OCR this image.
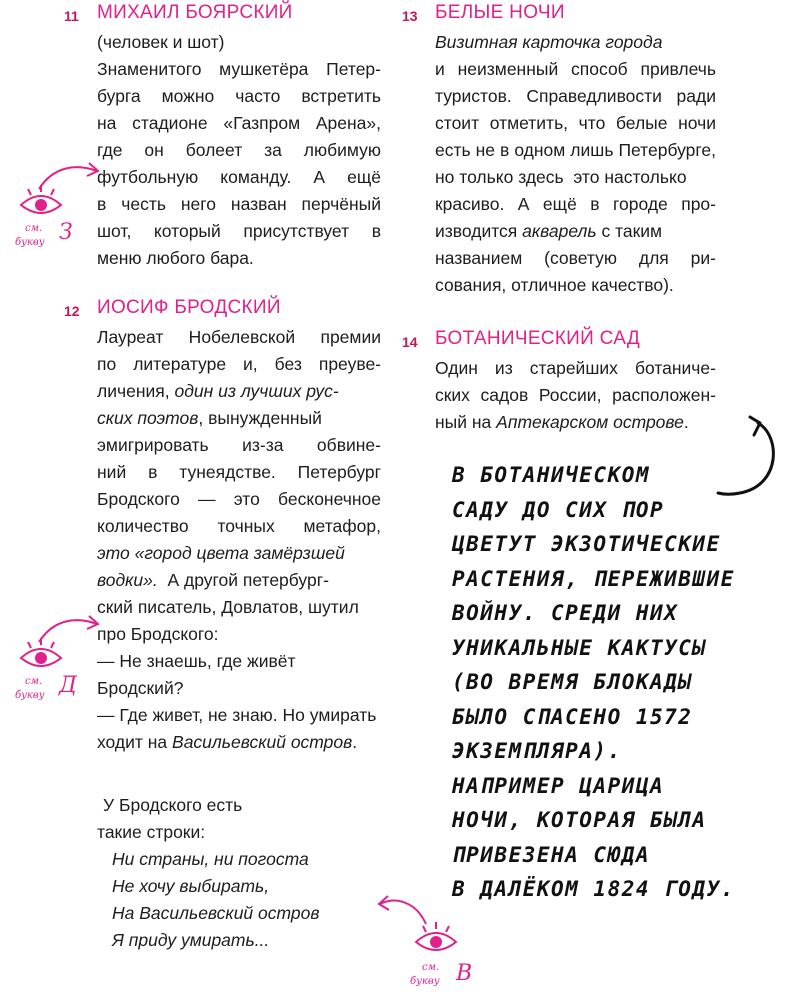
11 МИХАИЛ БОЯРСКИЙ
(человек и шот)
Знаменитого мушкетёра Петер-
бурга можно часто встретить
на стадионе «Газпром Арена»,
где он болеет за любимую
футбольную команду. А ещё
в честь него назван перчёный
шот, который присутствует в
меню любого бара.
12 ИОСИФ БРОДСКИЙ
Лауреат Нобелевской премии
по литературе и, без преуве-
личения, один из лучших рус-
ских поэтов, вынужденный
эмигрировать из-за обвине-
ний в тунеядстве. Петербург
Бродского — это бесконечное
количество точных метафор,
это «город цвета замёрзшей
водки».  А другой петербург-
ский писатель, Довлатов, шутил
про Бродского:
— Не знаешь, где живёт
Бродский?
— Где живет, не знаю. Но умирать
ходит на Васильевский остров.
У Бродского есть
такие строки:
Ни страны, ни погоста
Не хочу выбирать,
На Васильевский остров
Я приду умирать...
13 БЕЛЫЕ НОЧИ
Визитная карточка города
и неизменный способ привлечь
туристов. Справедливости ради
стоит отметить, что белые ночи
есть не в одном лишь Петербурге,
но только здесь  это настолько
красиво. А ещё в городе про-
изводится акварель с таким
названием (советую для ри-
сования, отличное качество).
14 БОТАНИЧЕСКИЙ САД
Один из старейших ботаниче-
ских садов России, расположен-
ный на Аптекарском острове.
В БОТАНИЧЕСКОМ
САДУ ДО СИХ ПОР
ЦВЕТУТ ЭКЗОТИЧЕСКИЕ
РАСТЕНИЯ, ПЕРЕЖИВШИЕ
ВОЙНУ. СРЕДИ НИХ
УНИКАЛЬНЫЕ КАКТУСЫ
(ВО ВРЕМЯ БЛОКАДЫ
БЫЛО СПАСЕНО 1572
ЭКЗЕМПЛЯРА).
НАПРИМЕР ЦАРИЦА
НОЧИ, КОТОРАЯ БЫЛА
ПРИВЕЗЕНА СЮДА
В ДАЛЁКОМ 1824 ГОДУ.
см.
букву З
см.
букву Д
см.
букву В
